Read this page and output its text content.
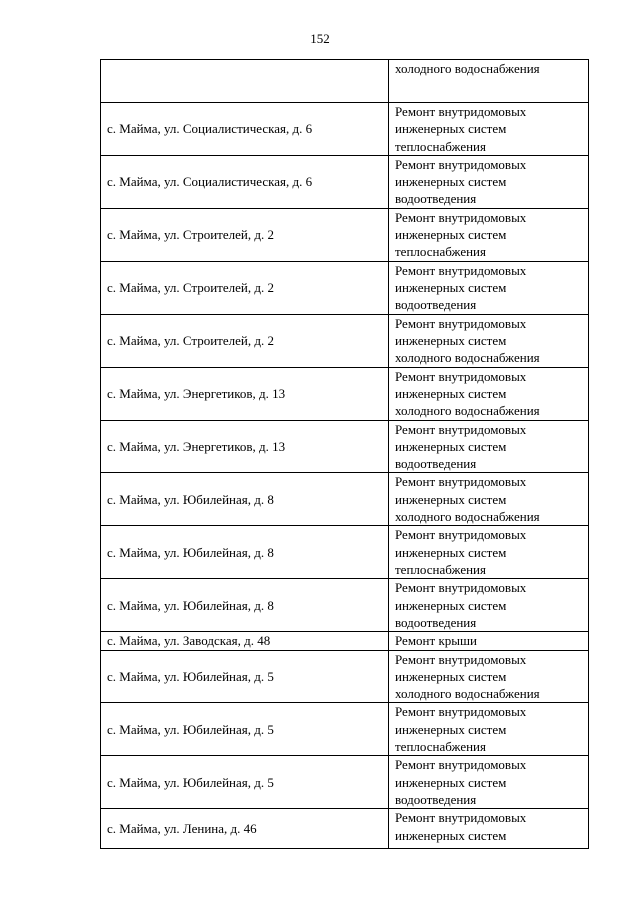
152

	холодного водоснабжения

с. Майма, ул. Социалистическая, д. 6	Ремонт внутридомовых
инженерных систем
теплоснабжения

с. Майма, ул. Социалистическая, д. 6	Ремонт внутридомовых
инженерных систем
водоотведения

с. Майма, ул. Строителей, д. 2	Ремонт внутридомовых
инженерных систем
теплоснабжения

с. Майма, ул. Строителей, д. 2	Ремонт внутридомовых
инженерных систем
водоотведения

с. Майма, ул. Строителей, д. 2	Ремонт внутридомовых
инженерных систем
холодного водоснабжения

с. Майма, ул. Энергетиков, д. 13	Ремонт внутридомовых
инженерных систем
холодного водоснабжения

с. Майма, ул. Энергетиков, д. 13	Ремонт внутридомовых
инженерных систем
водоотведения

с. Майма, ул. Юбилейная, д. 8	Ремонт внутридомовых
инженерных систем
холодного водоснабжения

с. Майма, ул. Юбилейная, д. 8	Ремонт внутридомовых
инженерных систем
теплоснабжения

с. Майма, ул. Юбилейная, д. 8	Ремонт внутридомовых
инженерных систем
водоотведения

с. Майма, ул. Заводская, д. 48	Ремонт крыши

с. Майма, ул. Юбилейная, д. 5	Ремонт внутридомовых
инженерных систем
холодного водоснабжения

с. Майма, ул. Юбилейная, д. 5	Ремонт внутридомовых
инженерных систем
теплоснабжения

с. Майма, ул. Юбилейная, д. 5	Ремонт внутридомовых
инженерных систем
водоотведения

с. Майма, ул. Ленина, д. 46	Ремонт внутридомовых
инженерных систем
